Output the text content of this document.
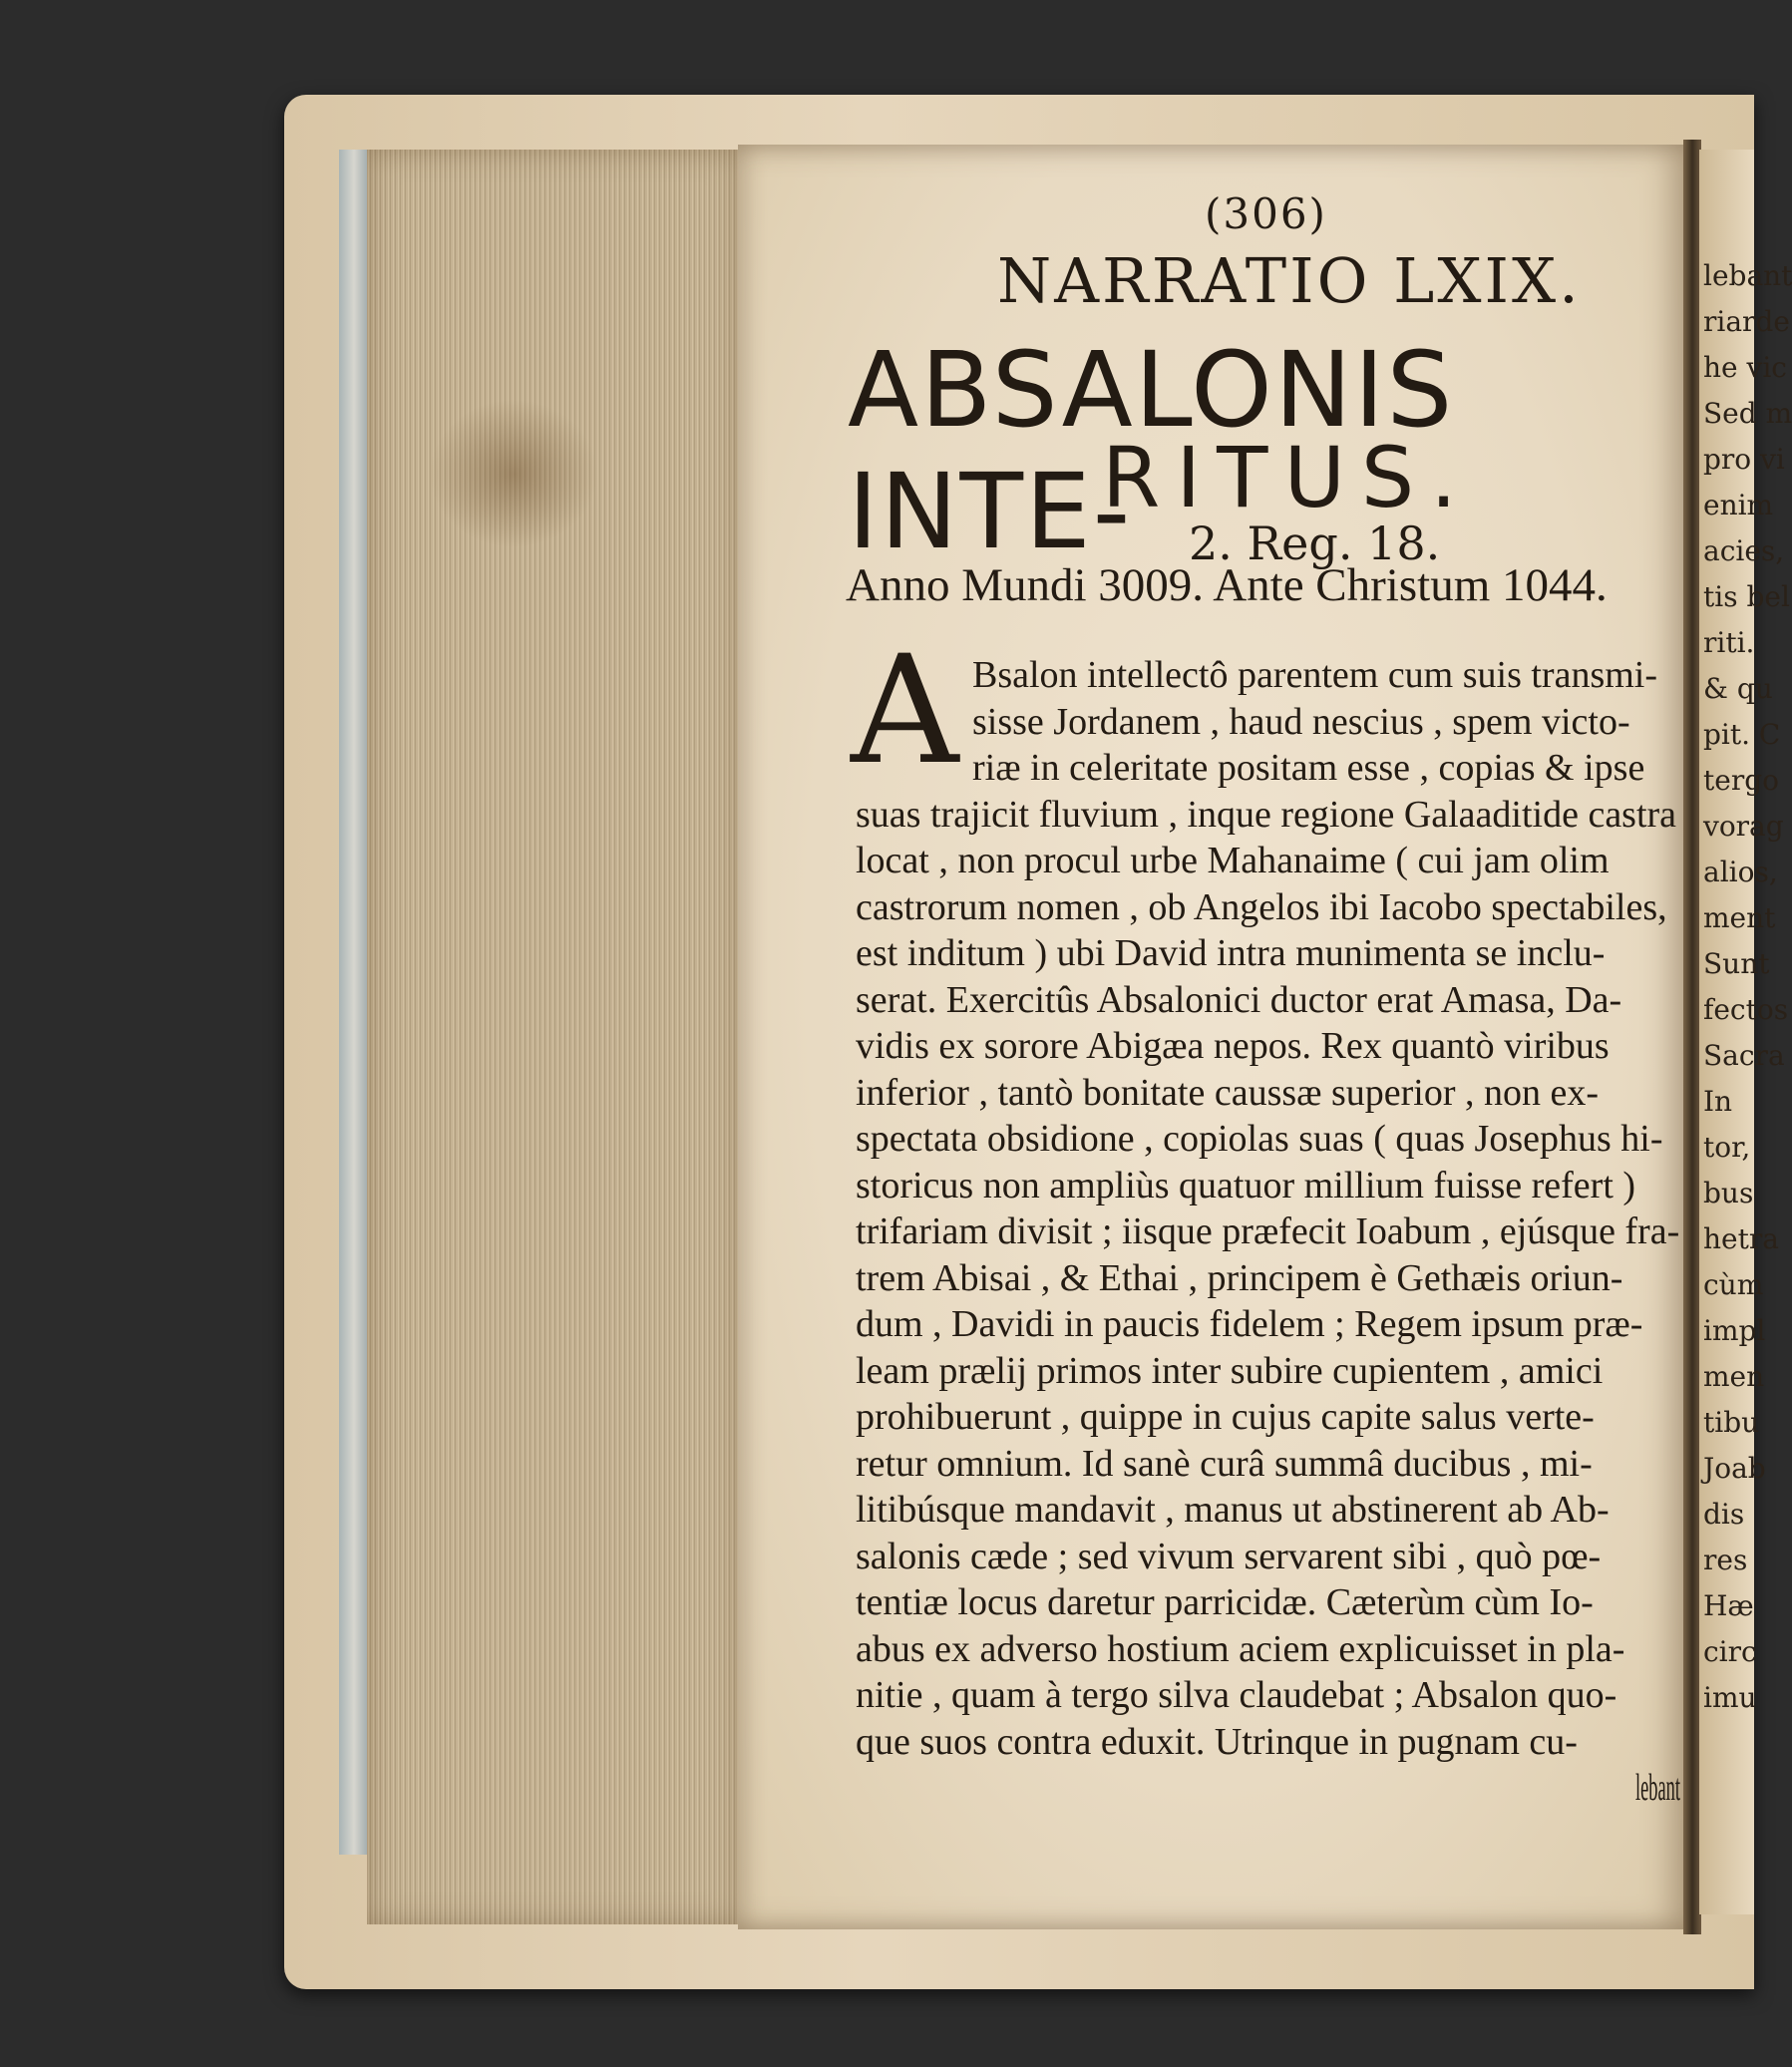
(306)
NARRATIO LXIX.
ABSALONIS INTE-
RITUS.
2. Reg. 18.
Anno Mundi 3009. Ante Christum 1044.
A Bsalon intellectô parentem cum suis transmi-
sisse Jordanem , haud nescius , spem victo-
riæ in celeritate positam esse , copias & ipse
suas trajicit fluvium , inque regione Galaaditide castra
locat , non procul urbe Mahanaime ( cui jam olim
castrorum nomen , ob Angelos ibi Iacobo spectabiles,
est inditum ) ubi David intra munimenta se inclu-
serat. Exercitûs Absalonici ductor erat Amasa, Da-
vidis ex sorore Abigæa nepos. Rex quantò viribus
inferior , tantò bonitate caussæ superior , non ex-
spectata obsidione , copiolas suas ( quas Josephus hi-
storicus non ampliùs quatuor millium fuisse refert )
trifariam divisit ; iisque præfecit Ioabum , ejúsque fra-
trem Abisai , & Ethai , principem è Gethæis oriun-
dum , Davidi in paucis fidelem ; Regem ipsum præ-
leam prælij primos inter subire cupientem , amici
prohibuerunt , quippe in cujus capite salus verte-
retur omnium. Id sanè curâ summâ ducibus , mi-
litibúsque mandavit , manus ut abstinerent ab Ab-
salonis cæde ; sed vivum servarent sibi , quò pœ-
tentiæ locus daretur parricidæ. Cæterùm cùm Io-
abus ex adverso hostium aciem explicuisset in pla-
nitie , quam à tergo silva claudebat ; Absalon quo-
que suos contra eduxit. Utrinque in pugnam cu-
lebant
lebant
riarde
he vic
Sed m
pro vi
enim
acies,
tis bel
riti.
& qu
pit. C
tergo
vorag
alios,
ment
Sunt
fectos
Sacra
In
tor,
bus
hetra
cùm
impl
men
tibu
Joab
dis
res
Hæ
circ
imu
